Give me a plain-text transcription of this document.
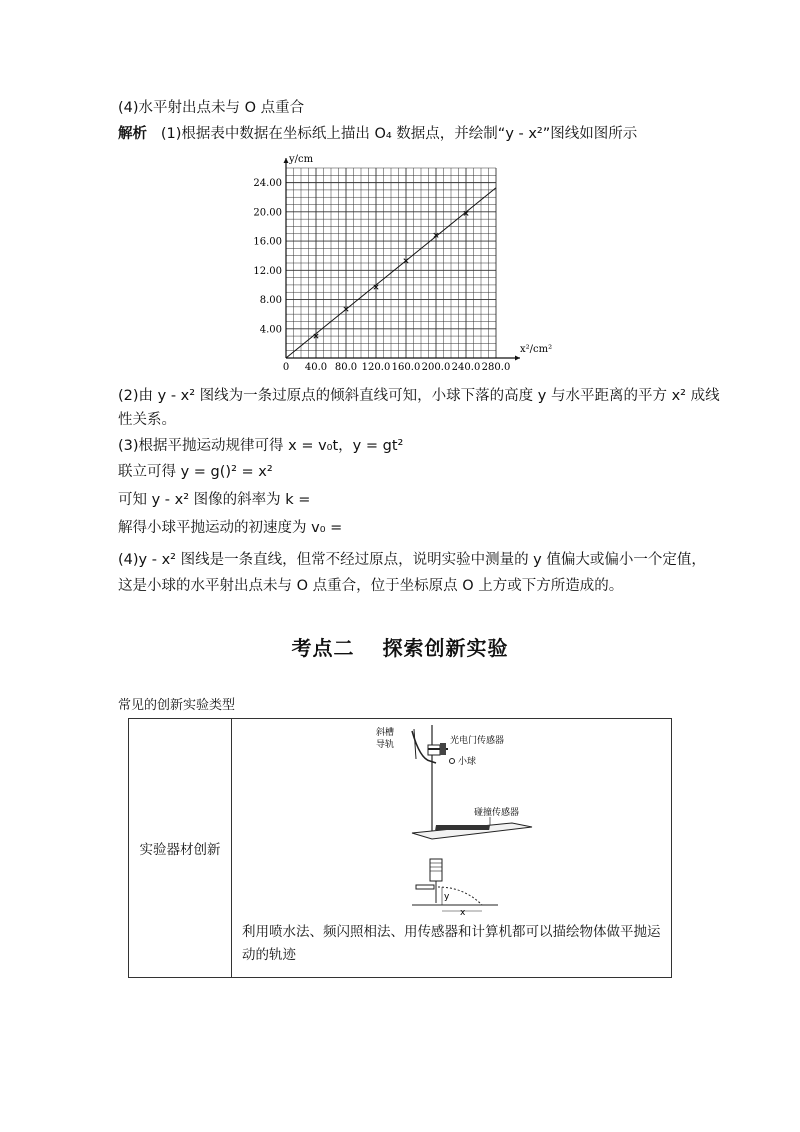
(4)水平射出点未与 O 点重合
解析 (1)根据表中数据在坐标纸上描出 O₄ 数据点，并绘制“y - x²”图线如图所示
0 40.0 80.0 120.0 160.0 200.0 240.0 280.0
4.00
8.00
12.00
16.00
20.00
24.00
y/cm
x²/cm²
(2)由 y - x² 图线为一条过原点的倾斜直线可知，小球下落的高度 y 与水平距离的平方 x² 成线
性关系。
(3)根据平抛运动规律可得 x = v₀t，y = gt²
联立可得 y = g()² = x²
可知 y - x² 图像的斜率为 k =
解得小球平抛运动的初速度为 v₀ =
(4)y - x² 图线是一条直线，但常不经过原点，说明实验中测量的 y 值偏大或偏小一个定值，
这是小球的水平射出点未与 O 点重合，位于坐标原点 O 上方或下方所造成的。
考点二 探索创新实验
常见的创新实验类型
实验器材创新	
斜槽
导轨	光电门传感器
小球
碰撞传感器
y
x
利用喷水法、频闪照相法、用传感器和计算机都可以描绘物体做平抛运动的轨迹
